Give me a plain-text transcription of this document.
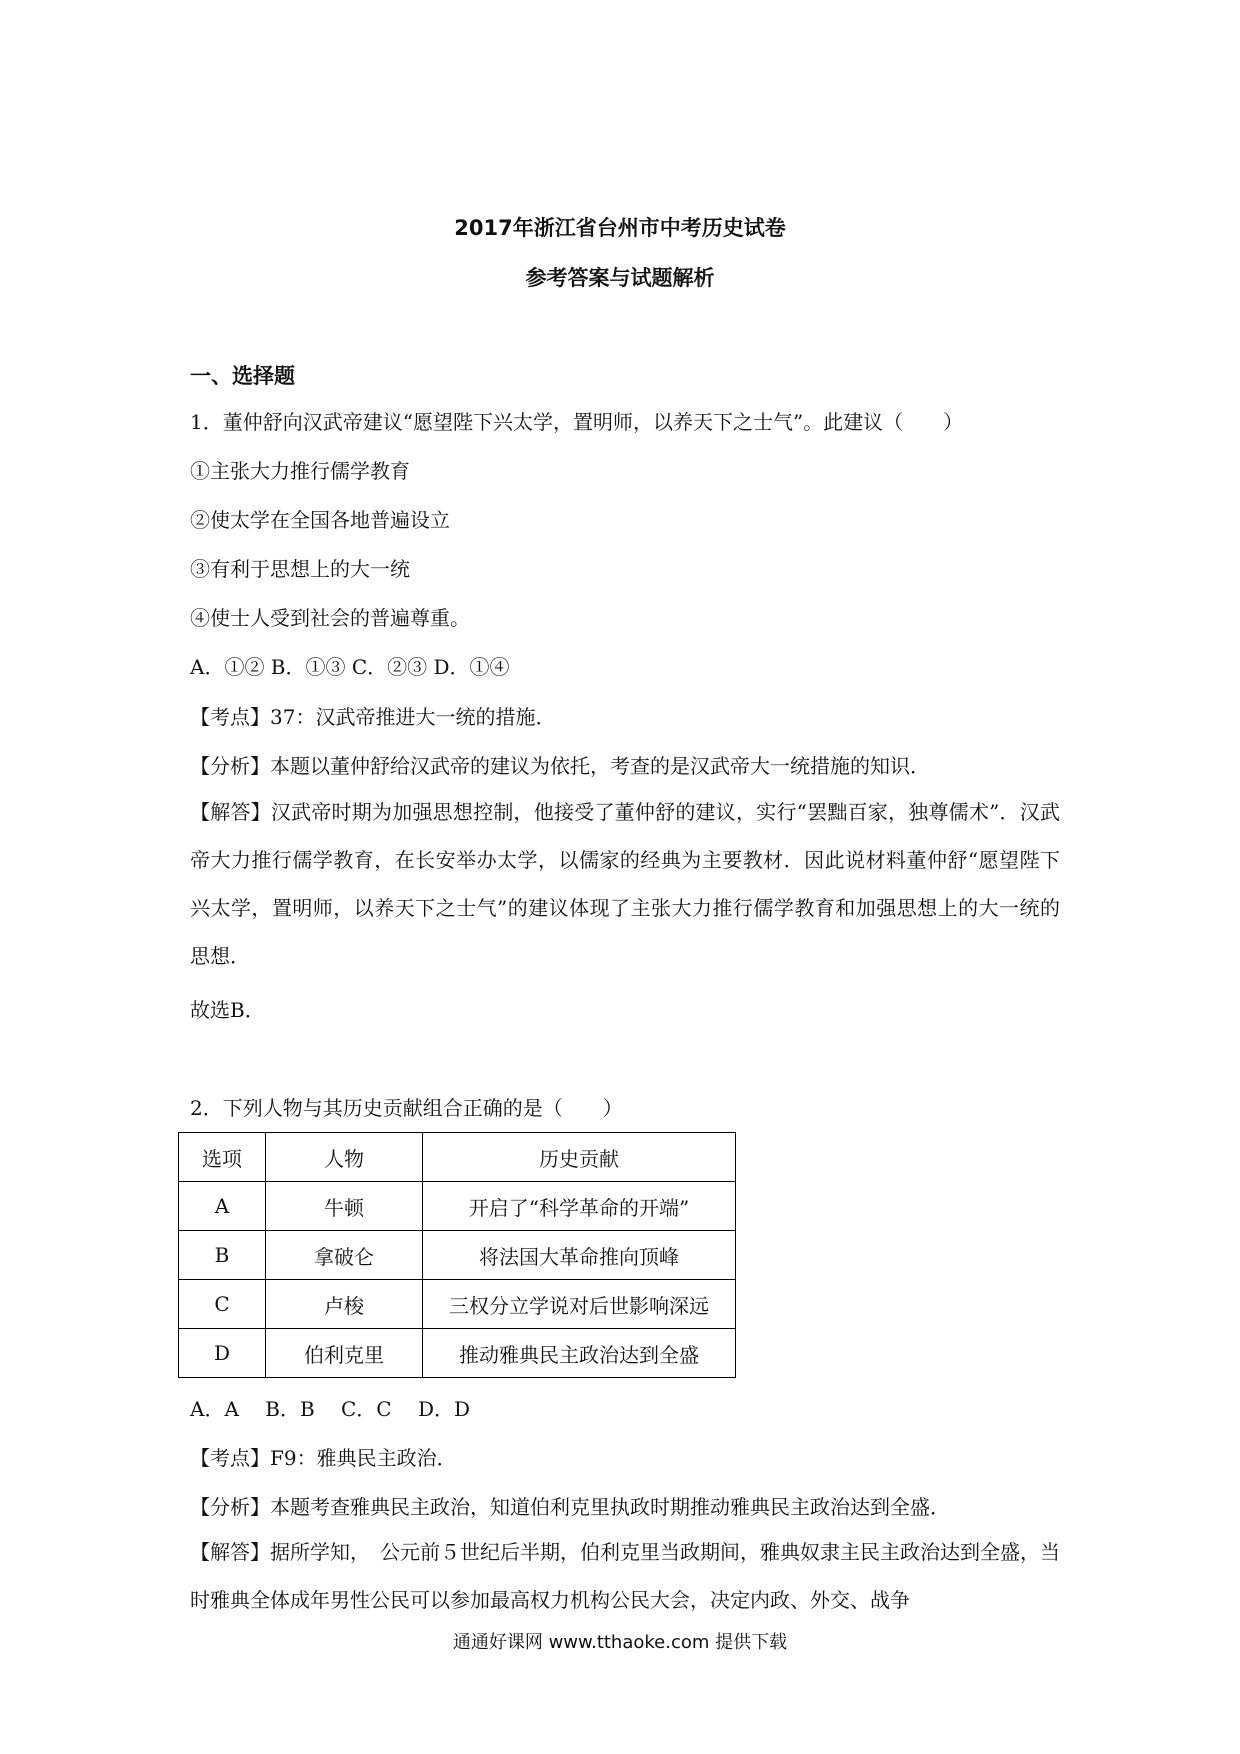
2017年浙江省台州市中考历史试卷
参考答案与试题解析
一、选择题
1．董仲舒向汉武帝建议“愿望陛下兴太学，置明师，以养天下之士气”。此建议（　　）
①主张大力推行儒学教育
②使太学在全国各地普遍设立
③有利于思想上的大一统
④使士人受到社会的普遍尊重。
A．①② B．①③ C．②③ D．①④
【考点】37：汉武帝推进大一统的措施．
【分析】本题以董仲舒给汉武帝的建议为依托，考查的是汉武帝大一统措施的知识．
【解答】汉武帝时期为加强思想控制，他接受了董仲舒的建议，实行“罢黜百家，独尊儒术”．汉武帝大力推行儒学教育，在长安举办太学，以儒家的经典为主要教材．因此说材料董仲舒“愿望陛下兴太学，置明师，以养天下之士气”的建议体现了主张大力推行儒学教育和加强思想上的大一统的思想．
故选B．
2．下列人物与其历史贡献组合正确的是（　　）
选项	人物	历史贡献
A	牛顿	开启了“科学革命的开端”
B	拿破仑	将法国大革命推向顶峰
C	卢梭	三权分立学说对后世影响深远
D	伯利克里	推动雅典民主政治达到全盛
A．A　 B．B　 C．C　 D．D
【考点】F9：雅典民主政治．
【分析】本题考查雅典民主政治，知道伯利克里执政时期推动雅典民主政治达到全盛．
【解答】据所学知，　公元前５世纪后半期，伯利克里当政期间，雅典奴隶主民主政治达到全盛，当时雅典全体成年男性公民可以参加最高权力机构公民大会，决定内政、外交、战争
通通好课网 www.tthaoke.com 提供下载
